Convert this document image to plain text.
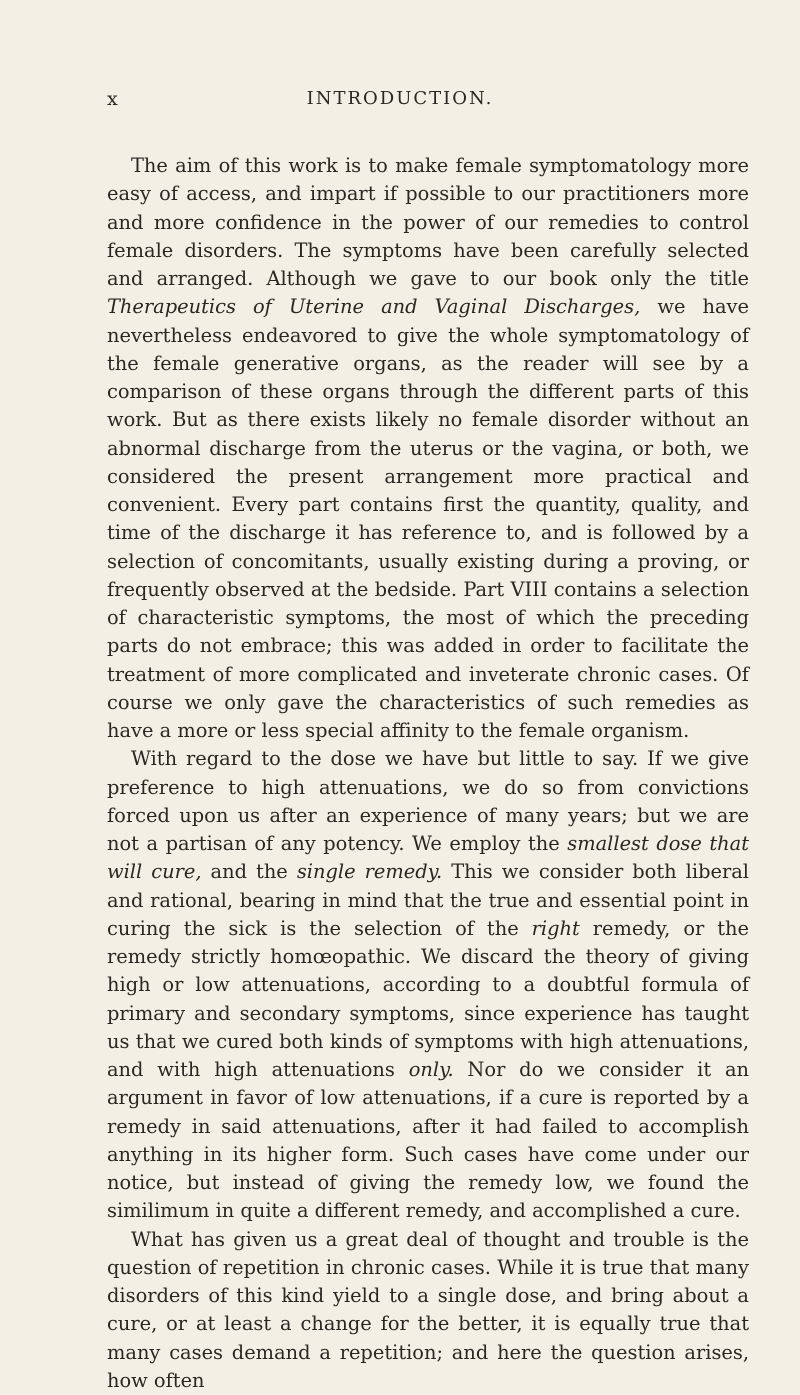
x	INTRODUCTION.

The aim of this work is to make female symptomatology more easy of access, and impart if possible to our practitioners more and more confidence in the power of our remedies to control female disorders. The symptoms have been carefully selected and arranged. Although we gave to our book only the title Therapeutics of Uterine and Vaginal Discharges, we have nevertheless endeavored to give the whole symptomatology of the female generative organs, as the reader will see by a comparison of these organs through the different parts of this work. But as there exists likely no female disorder without an abnormal discharge from the uterus or the vagina, or both, we considered the present arrangement more practical and convenient. Every part contains first the quantity, quality, and time of the discharge it has reference to, and is followed by a selection of concomitants, usually existing during a proving, or frequently observed at the bedside. Part VIII contains a selection of characteristic symptoms, the most of which the preceding parts do not embrace; this was added in order to facilitate the treatment of more complicated and inveterate chronic cases. Of course we only gave the characteristics of such remedies as have a more or less special affinity to the female organism.

With regard to the dose we have but little to say. If we give preference to high attenuations, we do so from convictions forced upon us after an experience of many years; but we are not a partisan of any potency. We employ the smallest dose that will cure, and the single remedy. This we consider both liberal and rational, bearing in mind that the true and essential point in curing the sick is the selection of the right remedy, or the remedy strictly homœopathic. We discard the theory of giving high or low attenuations, according to a doubtful formula of primary and secondary symptoms, since experience has taught us that we cured both kinds of symptoms with high attenuations, and with high attenuations only. Nor do we consider it an argument in favor of low attenuations, if a cure is reported by a remedy in said attenuations, after it had failed to accomplish anything in its higher form. Such cases have come under our notice, but instead of giving the remedy low, we found the similimum in quite a different remedy, and accomplished a cure.

What has given us a great deal of thought and trouble is the question of repetition in chronic cases. While it is true that many disorders of this kind yield to a single dose, and bring about a cure, or at least a change for the better, it is equally true that many cases demand a repetition; and here the question arises, how often
